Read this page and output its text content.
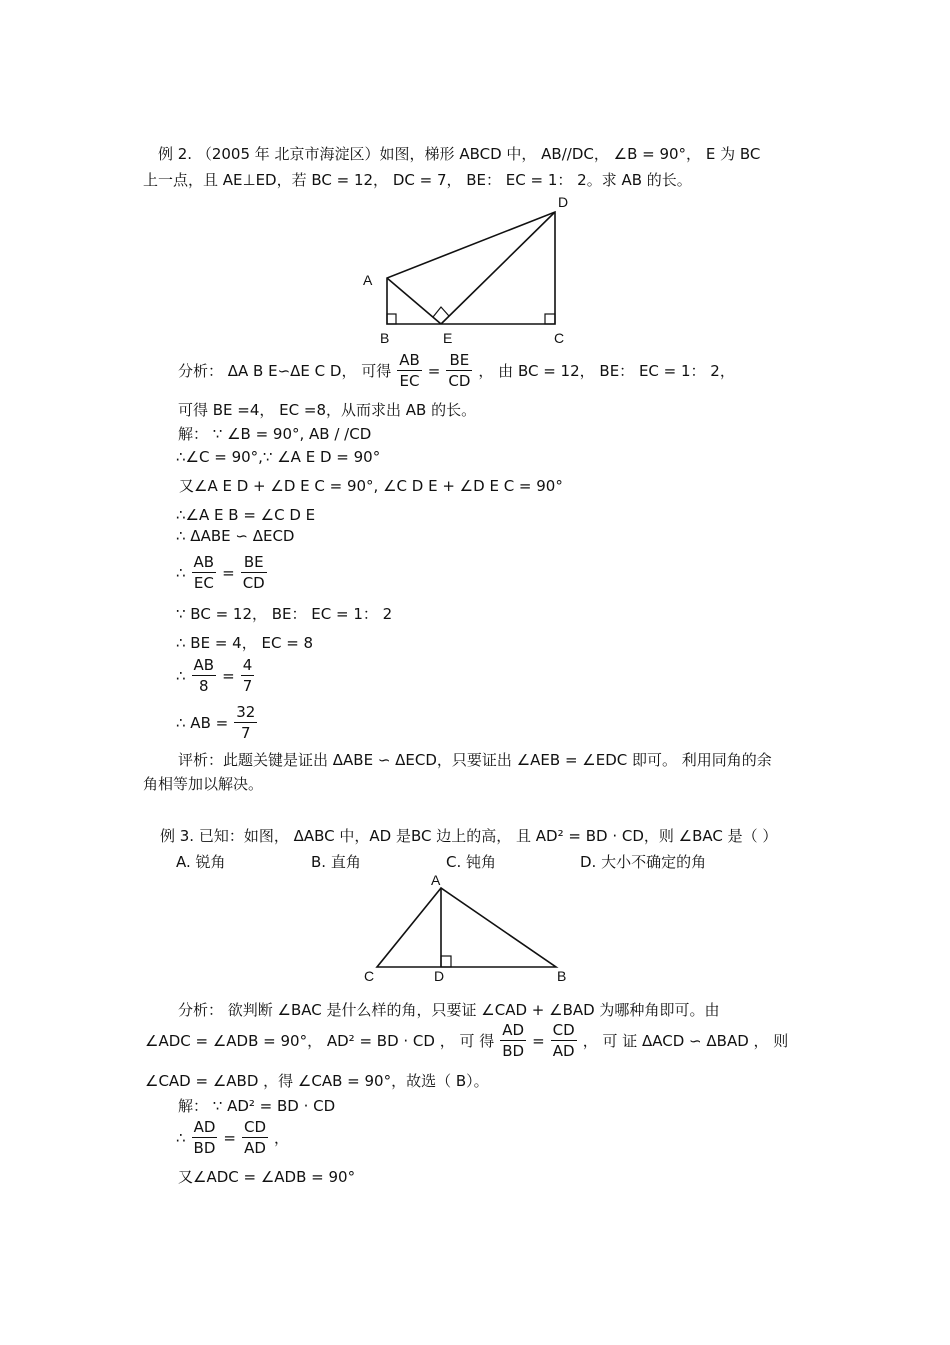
例 2. （2005 年 北京市海淀区）如图，梯形 ABCD 中， AB//DC， ∠B = 90°， E 为 BC
上一点，且 AE⊥ED，若 BC = 12， DC = 7， BE： EC = 1： 2。求 AB 的长。
A
B	E	C
D
分析： ΔA B E∽ΔE C D， 可得 $\frac{AB}{EC} = \frac{BE}{CD}$ ， 由 BC = 12， BE： EC = 1： 2，
可得 BE =4， EC =8，从而求出 AB 的长。
解： ∵ ∠B = 90°, AB / /CD
∴∠C = 90°,∵ ∠A E D = 90°
又∠A E D + ∠D E C = 90°, ∠C D E + ∠D E C = 90°
∴∠A E B = ∠C D E
∴ ΔABE ∽ ΔECD
∴ $\frac{AB}{EC} = \frac{BE}{CD}$
∵ BC = 12， BE： EC = 1： 2
∴ BE = 4， EC = 8
∴ $\frac{AB}{8} = \frac{4}{7}$
∴ AB = $\frac{32}{7}$
评析：此题关键是证出 ΔABE ∽ ΔECD，只要证出 ∠AEB = ∠EDC 即可。 利用同角的余
角相等加以解决。
例 3. 已知：如图， ΔABC 中，AD 是BC 边上的高， 且 AD² = BD · CD，则 ∠BAC 是（ ）
A. 锐角	B. 直角	C. 钝角	D. 大小不确定的角
A
C	D	B
分析： 欲判断 ∠BAC 是什么样的角，只要证 ∠CAD + ∠BAD 为哪种角即可。由
∠ADC = ∠ADB = 90°， AD² = BD · CD ， 可 得 $\frac{AD}{BD} = \frac{CD}{AD}$ ， 可 证 ΔACD ∽ ΔBAD ， 则
∠CAD = ∠ABD ，得 ∠CAB = 90°，故选（ B）。
解： ∵ AD² = BD · CD
∴ $\frac{AD}{BD} = \frac{CD}{AD}$ ，
又∠ADC = ∠ADB = 90°
